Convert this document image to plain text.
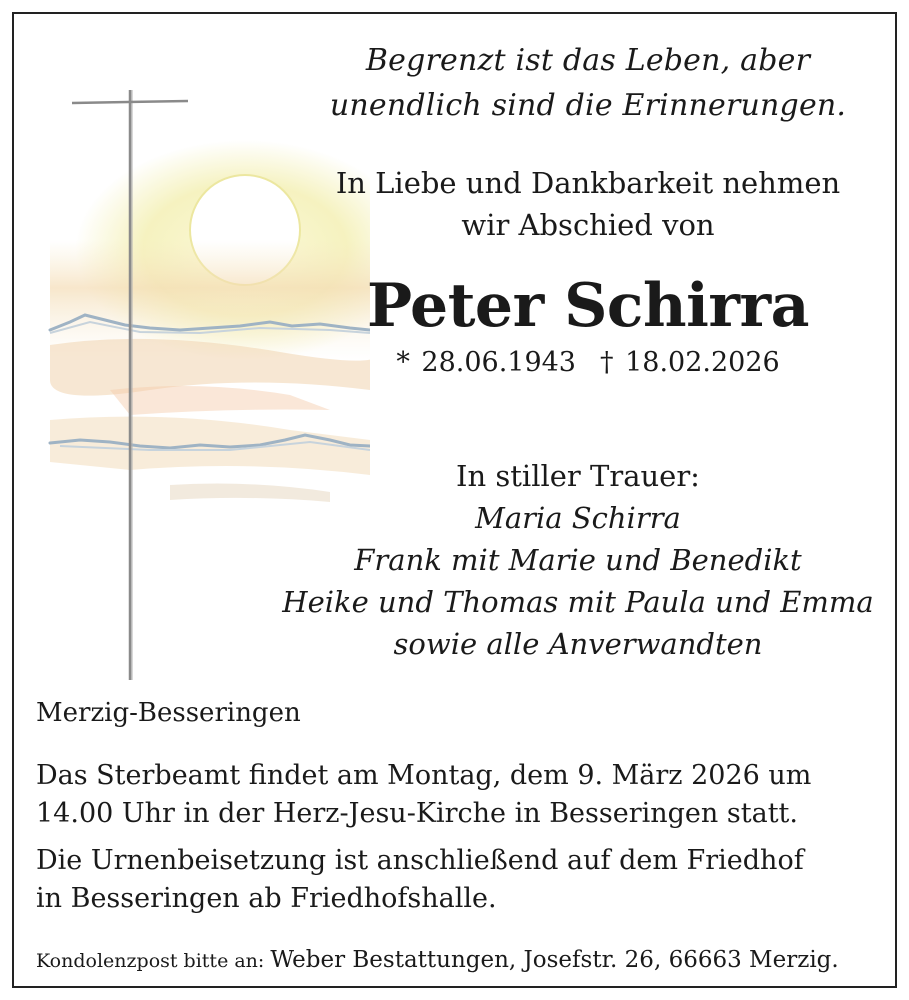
Begrenzt ist das Leben, aber
unendlich sind die Erinnerungen.
In Liebe und Dankbarkeit nehmen
wir Abschied von
Peter Schirra
* 28.06.1943 † 18.02.2026
In stiller Trauer:
Maria Schirra
Frank mit Marie und Benedikt
Heike und Thomas mit Paula und Emma
sowie alle Anverwandten
Merzig-Besseringen
Das Sterbeamt findet am Montag, dem 9. März 2026 um
14.00 Uhr in der Herz-Jesu-Kirche in Besseringen statt.
Die Urnenbeisetzung ist anschließend auf dem Friedhof
in Besseringen ab Friedhofshalle.
Kondolenzpost bitte an: Weber Bestattungen, Josefstr. 26, 66663 Merzig.
